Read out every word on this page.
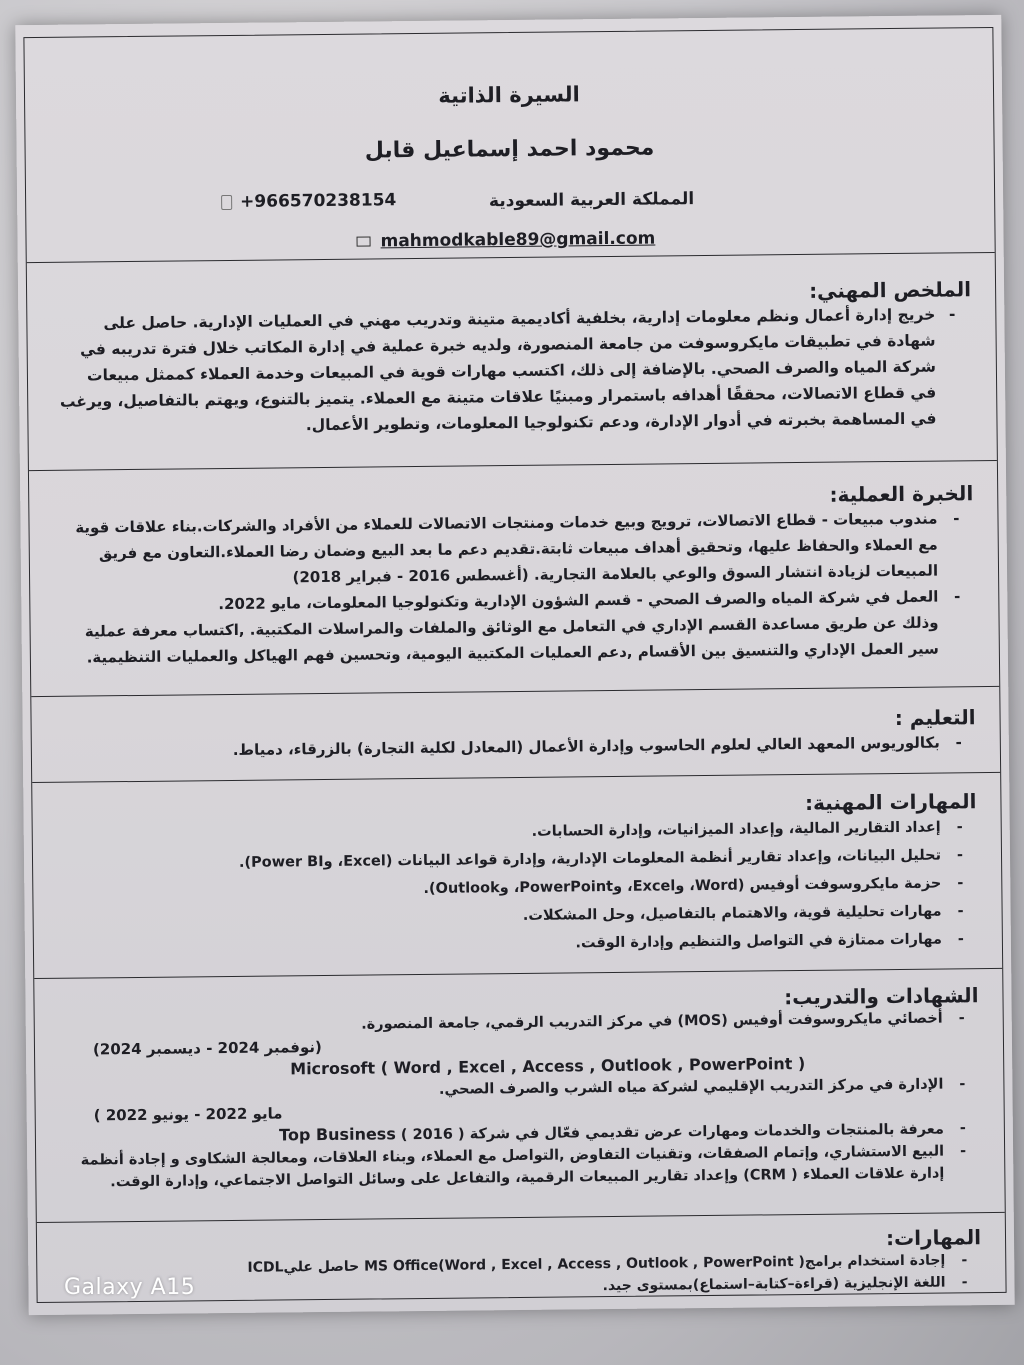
السيرة الذاتية
محمود احمد إسماعيل قابل
المملكة العربية السعودية
+966570238154
mahmodkable89@gmail.com
الملخص المهني:
- خريج إدارة أعمال ونظم معلومات إدارية، بخلفية أكاديمية متينة وتدريب مهني في العمليات الإدارية. حاصل على شهادة في تطبيقات مايكروسوفت من جامعة المنصورة، ولديه خبرة عملية في إدارة المكاتب خلال فترة تدريبه في شركة المياه والصرف الصحي. بالإضافة إلى ذلك، اكتسب مهارات قوية في المبيعات وخدمة العملاء كممثل مبيعات في قطاع الاتصالات، محققًا أهدافه باستمرار ومبنيًا علاقات متينة مع العملاء. يتميز بالتنوع، ويهتم بالتفاصيل، ويرغب في المساهمة بخبرته في أدوار الإدارة، ودعم تكنولوجيا المعلومات، وتطوير الأعمال.
الخبرة العملية:
- مندوب مبيعات - قطاع الاتصالات، ترويج وبيع خدمات ومنتجات الاتصالات للعملاء من الأفراد والشركات.بناء علاقات قوية مع العملاء والحفاظ عليها، وتحقيق أهداف مبيعات ثابتة.تقديم دعم ما بعد البيع وضمان رضا العملاء.التعاون مع فريق المبيعات لزيادة انتشار السوق والوعي بالعلامة التجارية. (أغسطس 2016 - فبراير 2018)
- العمل في شركة المياه والصرف الصحي - قسم الشؤون الإدارية وتكنولوجيا المعلومات، مايو 2022.
وذلك عن طريق مساعدة القسم الإداري في التعامل مع الوثائق والملفات والمراسلات المكتبية. ,اكتساب معرفة عملية سير العمل الإداري والتنسيق بين الأقسام ,دعم العمليات المكتبية اليومية، وتحسين فهم الهياكل والعمليات التنظيمية.
التعليم :
- بكالوريوس المعهد العالي لعلوم الحاسوب وإدارة الأعمال (المعادل لكلية التجارة) بالزرقاء، دمياط.
المهارات المهنية:
- إعداد التقارير المالية، وإعداد الميزانيات، وإدارة الحسابات.
- تحليل البيانات، وإعداد تقارير أنظمة المعلومات الإدارية، وإدارة قواعد البيانات (Excel، وPower BI).
- حزمة مايكروسوفت أوفيس (Word، وExcel، وPowerPoint، وOutlook).
- مهارات تحليلية قوية، والاهتمام بالتفاصيل، وحل المشكلات.
- مهارات ممتازة في التواصل والتنظيم وإدارة الوقت.
الشهادات والتدريب:
- أخصائي مايكروسوفت أوفيس (MOS) في مركز التدريب الرقمي، جامعة المنصورة.
(نوفمبر 2024 - ديسمبر 2024)
Microsoft ( Word , Excel , Access , Outlook , PowerPoint )
- الإدارة في مركز التدريب الإقليمي لشركة مياه الشرب والصرف الصحي.
( مايو 2022 - يونيو 2022
- معرفة بالمنتجات والخدمات ومهارات عرض تقديمي فعّال في شركة Top Business ( 2016 )
- البيع الاستشاري، وإتمام الصفقات، وتقنيات التفاوض ,التواصل مع العملاء، وبناء العلاقات، ومعالجة الشكاوى و إجادة أنظمة إدارة علاقات العملاء ( CRM) وإعداد تقارير المبيعات الرقمية، والتفاعل على وسائل التواصل الاجتماعي، وإدارة الوقت.
المهارات:
- إجادة استخدام برامج( MS Office(Word , Excel , Access , Outlook , PowerPoint حاصل عليICDL
- اللغة الإنجليزية (قراءة–كتابة–استماع)بمستوى جيد.
Galaxy A15
